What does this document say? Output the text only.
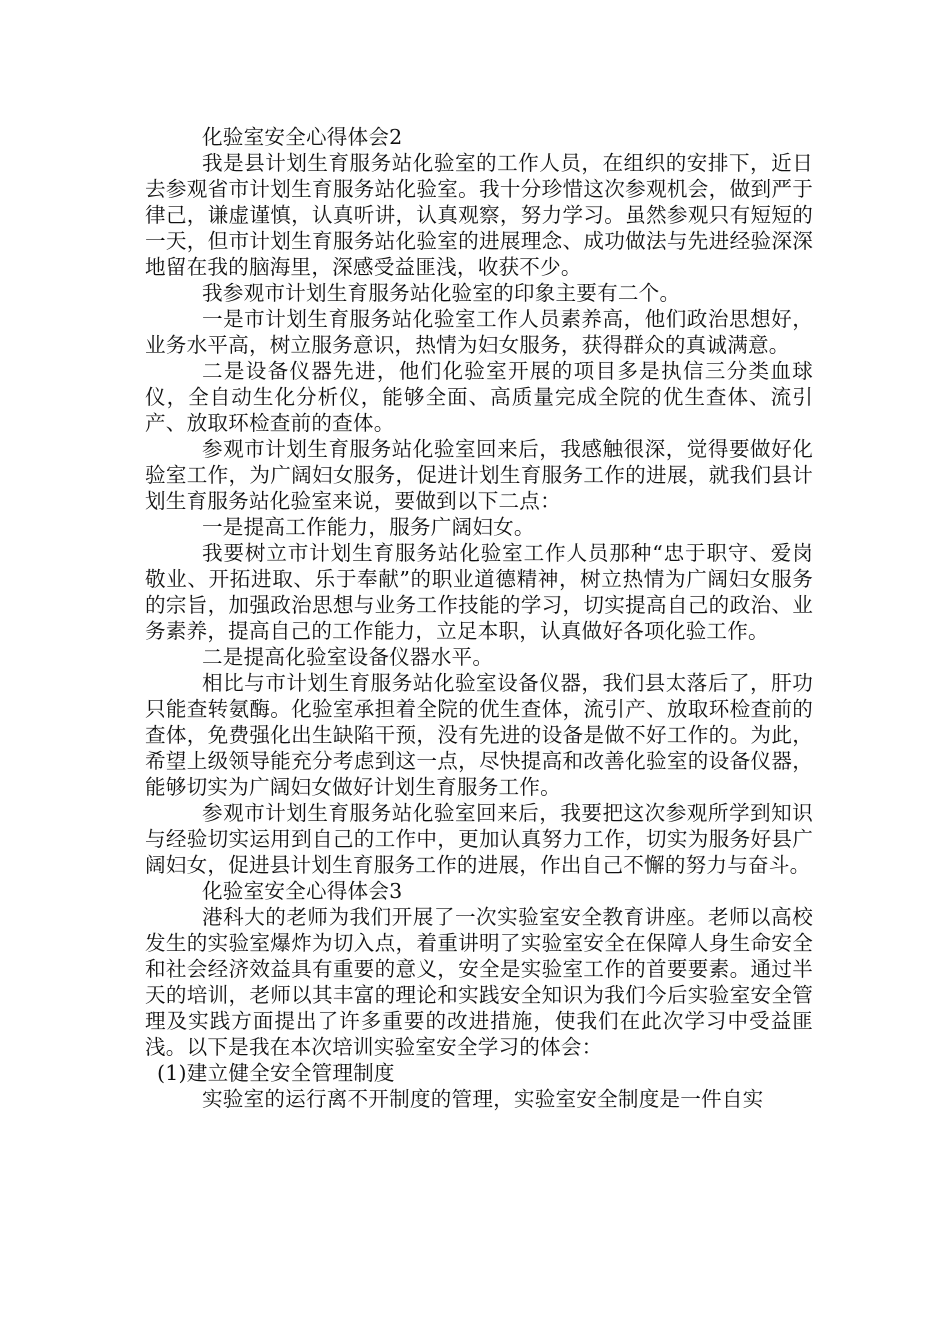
化验室安全心得体会2

我是县计划生育服务站化验室的工作人员，在组织的安排下，近日去参观省市计划生育服务站化验室。我十分珍惜这次参观机会，做到严于律己，谦虚谨慎，认真听讲，认真观察，努力学习。虽然参观只有短短的一天，但市计划生育服务站化验室的进展理念、成功做法与先进经验深深地留在我的脑海里，深感受益匪浅，收获不少。

我参观市计划生育服务站化验室的印象主要有二个。

一是市计划生育服务站化验室工作人员素养高，他们政治思想好，业务水平高，树立服务意识，热情为妇女服务，获得群众的真诚满意。

二是设备仪器先进，他们化验室开展的项目多是执信三分类血球仪，全自动生化分析仪，能够全面、高质量完成全院的优生查体、流引产、放取环检查前的查体。

参观市计划生育服务站化验室回来后，我感触很深，觉得要做好化验室工作，为广阔妇女服务，促进计划生育服务工作的进展，就我们县计划生育服务站化验室来说，要做到以下二点：

一是提高工作能力，服务广阔妇女。

我要树立市计划生育服务站化验室工作人员那种“忠于职守、爱岗敬业、开拓进取、乐于奉献”的职业道德精神，树立热情为广阔妇女服务的宗旨，加强政治思想与业务工作技能的学习，切实提高自己的政治、业务素养，提高自己的工作能力，立足本职，认真做好各项化验工作。

二是提高化验室设备仪器水平。

相比与市计划生育服务站化验室设备仪器，我们县太落后了，肝功只能查转氨酶。化验室承担着全院的优生查体，流引产、放取环检查前的查体，免费强化出生缺陷干预，没有先进的设备是做不好工作的。为此，希望上级领导能充分考虑到这一点，尽快提高和改善化验室的设备仪器，能够切实为广阔妇女做好计划生育服务工作。

参观市计划生育服务站化验室回来后，我要把这次参观所学到知识与经验切实运用到自己的工作中，更加认真努力工作，切实为服务好县广阔妇女，促进县计划生育服务工作的进展，作出自己不懈的努力与奋斗。

化验室安全心得体会3

港科大的老师为我们开展了一次实验室安全教育讲座。老师以高校发生的实验室爆炸为切入点，着重讲明了实验室安全在保障人身生命安全和社会经济效益具有重要的意义，安全是实验室工作的首要要素。通过半天的培训，老师以其丰富的理论和实践安全知识为我们今后实验室安全管理及实践方面提出了许多重要的改进措施，使我们在此次学习中受益匪浅。以下是我在本次培训实验室安全学习的体会：

(1)建立健全安全管理制度

实验室的运行离不开制度的管理，实验室安全制度是一件自实
